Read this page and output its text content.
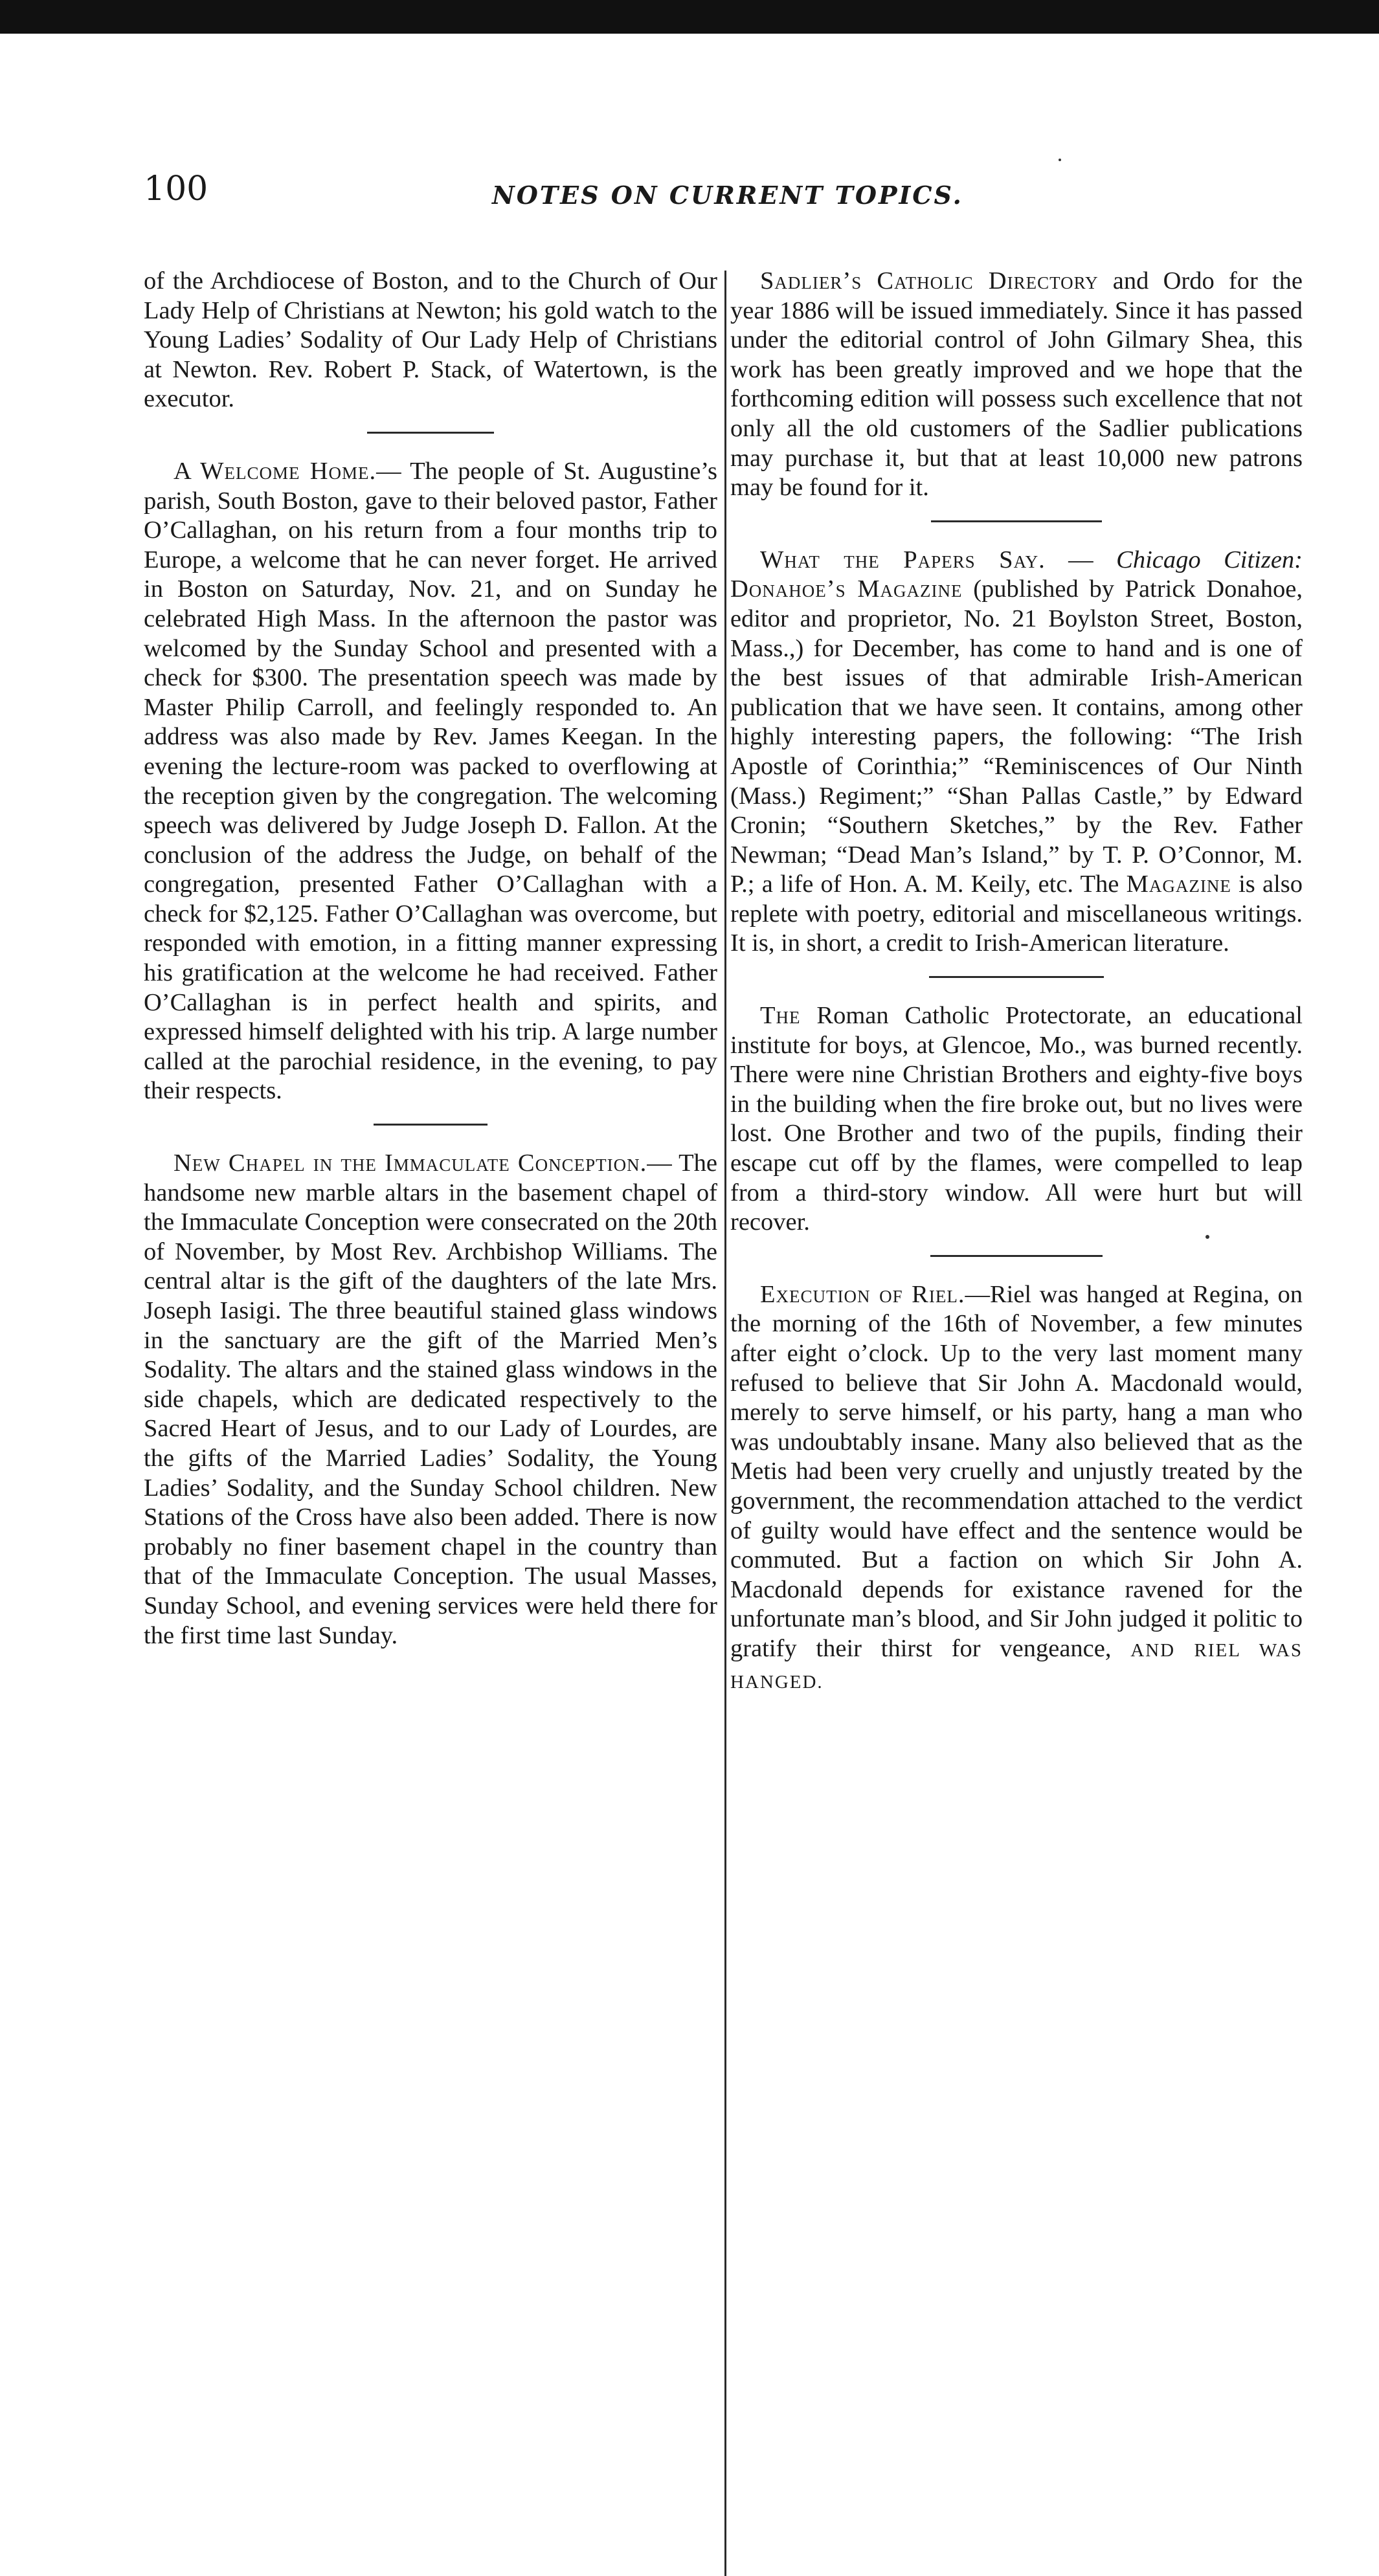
100	NOTES ON CURRENT TOPICS.

of the Archdiocese of Boston, and to the Church of Our Lady Help of Christians at Newton; his gold watch to the Young Ladies’ Sodality of Our Lady Help of Christians at Newton. Rev. Robert P. Stack, of Watertown, is the executor.

A Welcome Home.— The people of St. Augustine’s parish, South Boston, gave to their beloved pastor, Father O’Callaghan, on his return from a four months trip to Europe, a welcome that he can never forget. He arrived in Boston on Saturday, Nov. 21, and on Sunday he celebrated High Mass. In the afternoon the pastor was welcomed by the Sunday School and presented with a check for $300. The presentation speech was made by Master Philip Carroll, and feelingly responded to. An address was also made by Rev. James Keegan. In the evening the lecture-room was packed to overflowing at the reception given by the congregation. The welcoming speech was delivered by Judge Joseph D. Fallon. At the conclusion of the address the Judge, on behalf of the congregation, presented Father O’Callaghan with a check for $2,125. Father O’Callaghan was overcome, but responded with emotion, in a fitting manner expressing his gratification at the welcome he had received. Father O’Callaghan is in perfect health and spirits, and expressed himself delighted with his trip. A large number called at the parochial residence, in the evening, to pay their respects.

New Chapel in the Immaculate Conception.— The handsome new marble altars in the basement chapel of the Immaculate Conception were consecrated on the 20th of November, by Most Rev. Archbishop Williams. The central altar is the gift of the daughters of the late Mrs. Joseph Iasigi. The three beautiful stained glass windows in the sanctuary are the gift of the Married Men’s Sodality. The altars and the stained glass windows in the side chapels, which are dedicated respectively to the Sacred Heart of Jesus, and to our Lady of Lourdes, are the gifts of the Married Ladies’ Sodality, the Young Ladies’ Sodality, and the Sunday School children. New Stations of the Cross have also been added. There is now probably no finer basement chapel in the country than that of the Immaculate Conception. The usual Masses, Sunday School, and evening services were held there for the first time last Sunday.

Sadlier’s Catholic Directory and Ordo for the year 1886 will be issued immediately. Since it has passed under the editorial control of John Gilmary Shea, this work has been greatly improved and we hope that the forthcoming edition will possess such excellence that not only all the old customers of the Sadlier publications may purchase it, but that at least 10,000 new patrons may be found for it.

What the Papers Say. — Chicago Citizen: Donahoe’s Magazine (published by Patrick Donahoe, editor and proprietor, No. 21 Boylston Street, Boston, Mass.,) for December, has come to hand and is one of the best issues of that admirable Irish-American publication that we have seen. It contains, among other highly interesting papers, the following: “The Irish Apostle of Corinthia;” “Reminiscences of Our Ninth (Mass.) Regiment;” “Shan Pallas Castle,” by Edward Cronin; “Southern Sketches,” by the Rev. Father Newman; “Dead Man’s Island,” by T. P. O’Connor, M. P.; a life of Hon. A. M. Keily, etc. The Magazine is also replete with poetry, editorial and miscellaneous writings. It is, in short, a credit to Irish-American literature.

The Roman Catholic Protectorate, an educational institute for boys, at Glencoe, Mo., was burned recently. There were nine Christian Brothers and eighty-five boys in the building when the fire broke out, but no lives were lost. One Brother and two of the pupils, finding their escape cut off by the flames, were compelled to leap from a third-story window. All were hurt but will recover.

Execution of Riel.—Riel was hanged at Regina, on the morning of the 16th of November, a few minutes after eight o’clock. Up to the very last moment many refused to believe that Sir John A. Macdonald would, merely to serve himself, or his party, hang a man who was undoubtably insane. Many also believed that as the Metis had been very cruelly and unjustly treated by the government, the recommendation attached to the verdict of guilty would have effect and the sentence would be commuted. But a faction on which Sir John A. Macdonald depends for existance ravened for the unfortunate man’s blood, and Sir John judged it politic to gratify their thirst for vengeance, AND RIEL WAS HANGED.
